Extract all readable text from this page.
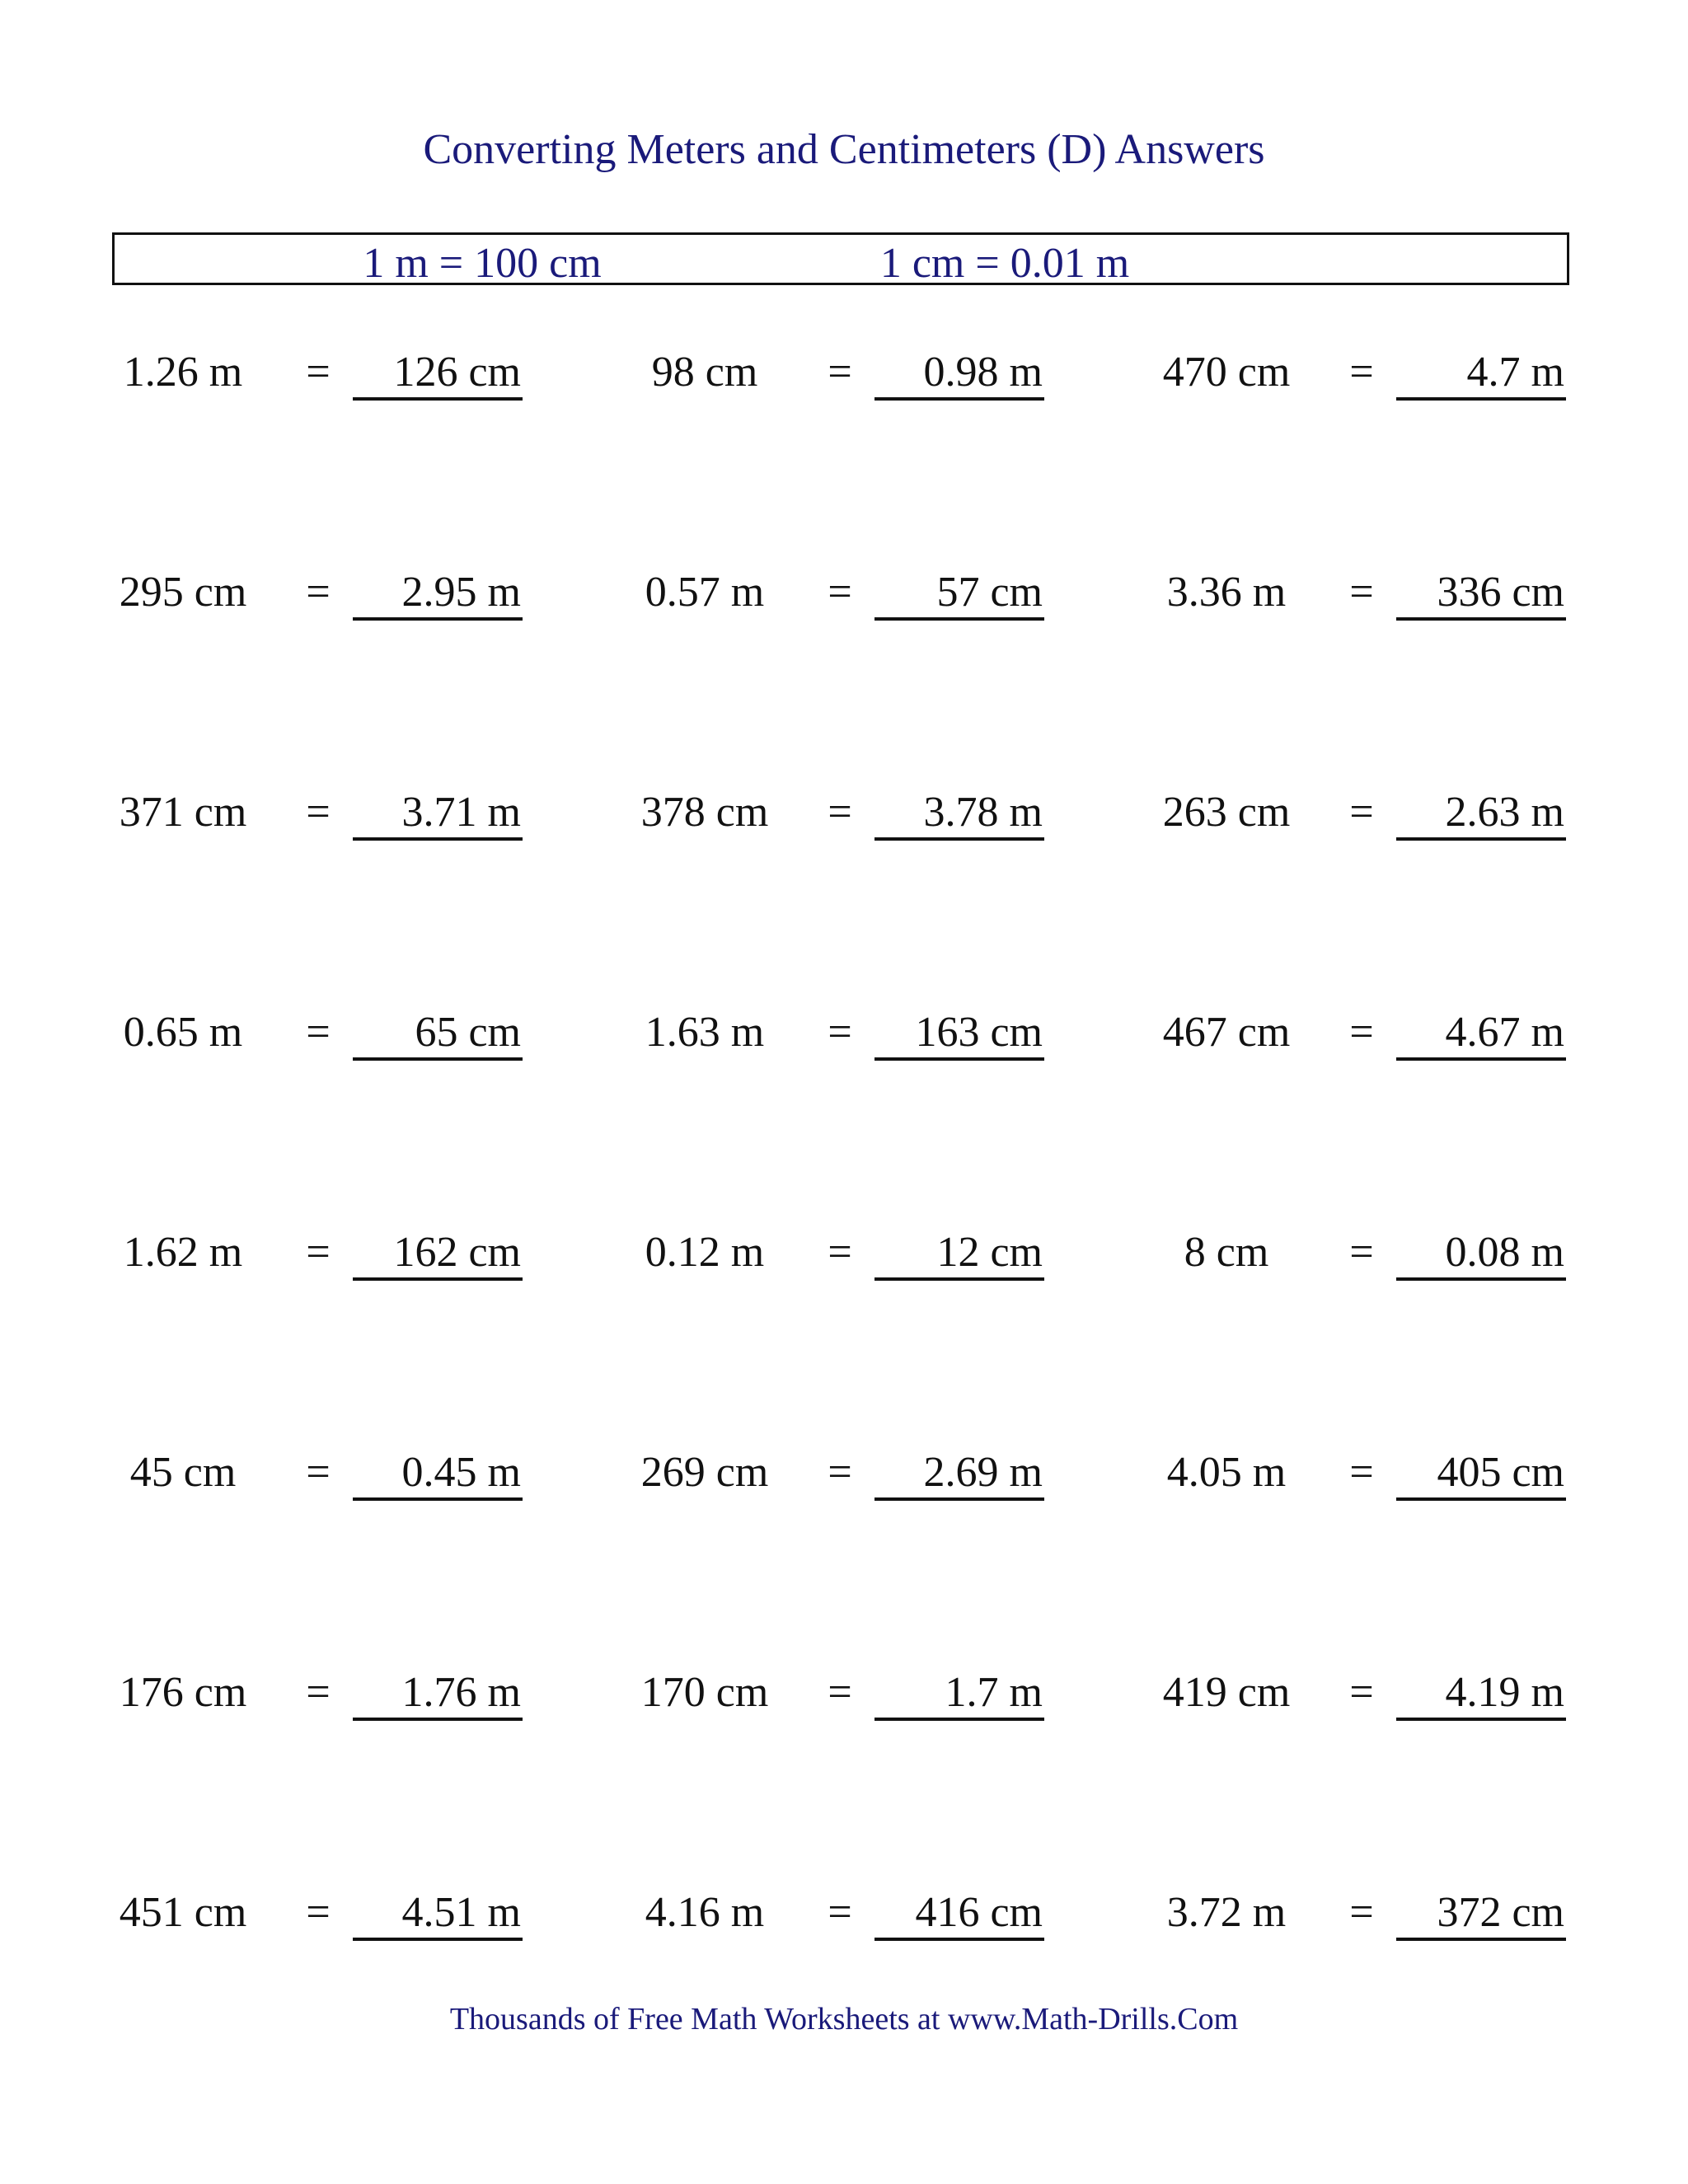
Converting Meters and Centimeters (D) Answers
1 m = 100 cm	1 cm = 0.01 m
1.26 m	=	126 cm	98 cm	=	0.98 m	470 cm	=	4.7 m
295 cm	=	2.95 m	0.57 m	=	57 cm	3.36 m	=	336 cm
371 cm	=	3.71 m	378 cm	=	3.78 m	263 cm	=	2.63 m
0.65 m	=	65 cm	1.63 m	=	163 cm	467 cm	=	4.67 m
1.62 m	=	162 cm	0.12 m	=	12 cm	8 cm	=	0.08 m
45 cm	=	0.45 m	269 cm	=	2.69 m	4.05 m	=	405 cm
176 cm	=	1.76 m	170 cm	=	1.7 m	419 cm	=	4.19 m
451 cm	=	4.51 m	4.16 m	=	416 cm	3.72 m	=	372 cm
Thousands of Free Math Worksheets at www.Math-Drills.Com
